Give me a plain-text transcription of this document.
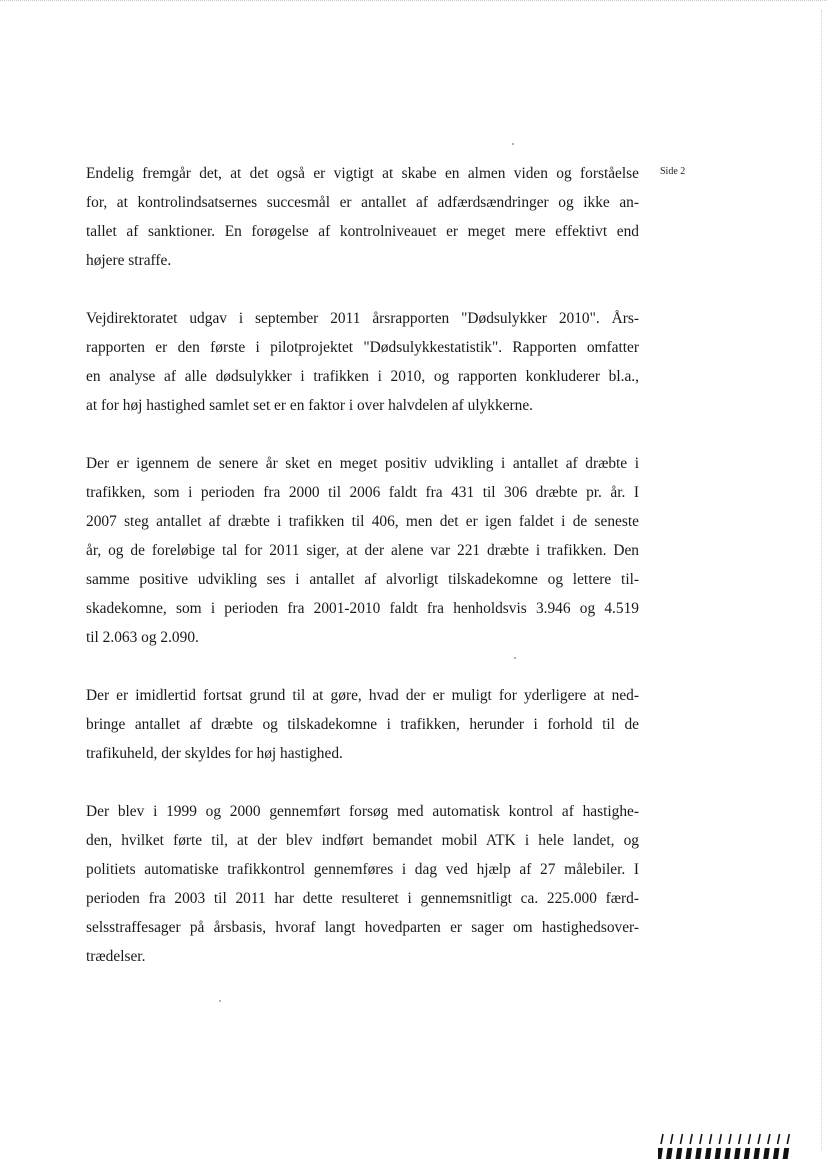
Side 2

Endelig fremgår det, at det også er vigtigt at skabe en almen viden og forståelse
for, at kontrolindsatsernes succesmål er antallet af adfærdsændringer og ikke an-
tallet af sanktioner. En forøgelse af kontrolniveauet er meget mere effektivt end
højere straffe.

Vejdirektoratet udgav i september 2011 årsrapporten "Dødsulykker 2010". Års-
rapporten er den første i pilotprojektet "Dødsulykkestatistik". Rapporten omfatter
en analyse af alle dødsulykker i trafikken i 2010, og rapporten konkluderer bl.a.,
at for høj hastighed samlet set er en faktor i over halvdelen af ulykkerne.

Der er igennem de senere år sket en meget positiv udvikling i antallet af dræbte i
trafikken, som i perioden fra 2000 til 2006 faldt fra 431 til 306 dræbte pr. år. I
2007 steg antallet af dræbte i trafikken til 406, men det er igen faldet i de seneste
år, og de foreløbige tal for 2011 siger, at der alene var 221 dræbte i trafikken. Den
samme positive udvikling ses i antallet af alvorligt tilskadekomne og lettere til-
skadekomne, som i perioden fra 2001-2010 faldt fra henholdsvis 3.946 og 4.519
til 2.063 og 2.090.

Der er imidlertid fortsat grund til at gøre, hvad der er muligt for yderligere at ned-
bringe antallet af dræbte og tilskadekomne i trafikken, herunder i forhold til de
trafikuheld, der skyldes for høj hastighed.

Der blev i 1999 og 2000 gennemført forsøg med automatisk kontrol af hastighe-
den, hvilket førte til, at der blev indført bemandet mobil ATK i hele landet, og
politiets automatiske trafikkontrol gennemføres i dag ved hjælp af 27 målebiler. I
perioden fra 2003 til 2011 har dette resulteret i gennemsnitligt ca. 225.000 færd-
selsstraffesager på årsbasis, hvoraf langt hovedparten er sager om hastighedsover-
trædelser.
